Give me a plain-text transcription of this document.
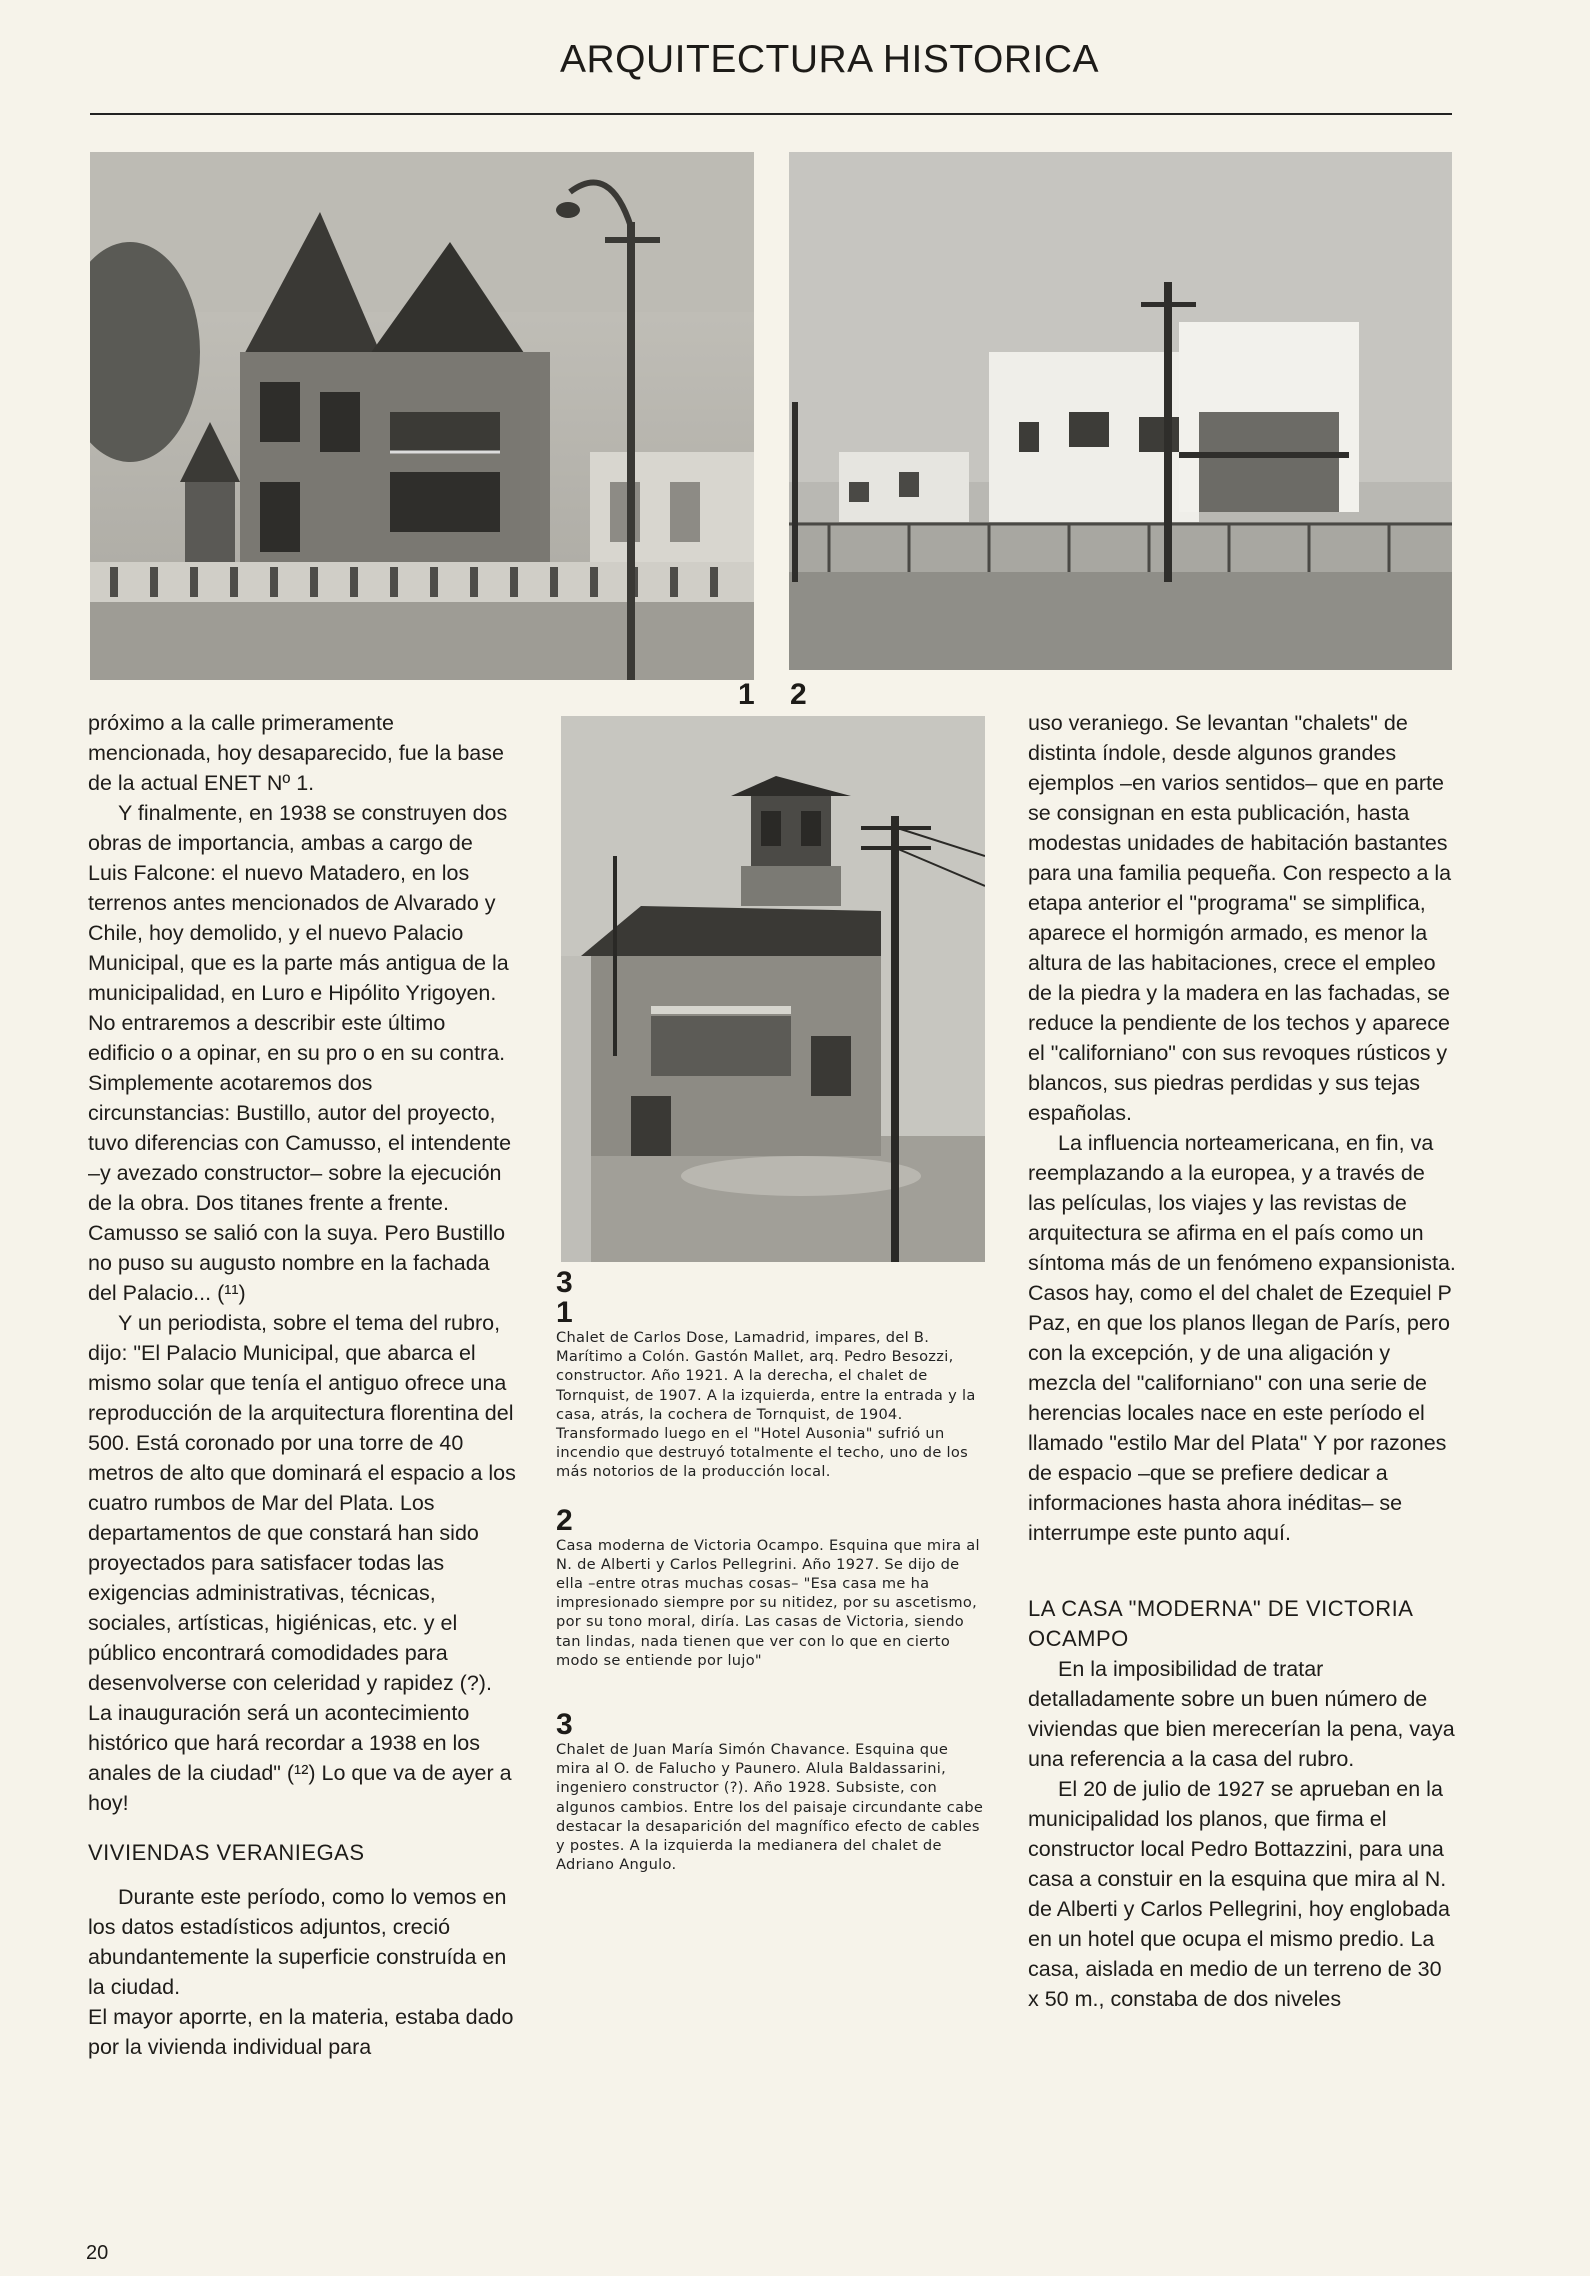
ARQUITECTURA HISTORICA
1 2

próximo a la calle primeramente mencionada, hoy desaparecido, fue la base de la actual ENET Nº 1.

Y finalmente, en 1938 se construyen dos obras de importancia, ambas a cargo de Luis Falcone: el nuevo Matadero, en los terrenos antes mencionados de Alvarado y Chile, hoy demolido, y el nuevo Palacio Municipal, que es la parte más antigua de la municipalidad, en Luro e Hipólito Yrigoyen. No entraremos a describir este último edificio o a opinar, en su pro o en su contra. Simplemente acotaremos dos circunstancias: Bustillo, autor del proyecto, tuvo diferencias con Camusso, el intendente –y avezado constructor– sobre la ejecución de la obra. Dos titanes frente a frente. Camusso se salió con la suya. Pero Bustillo no puso su augusto nombre en la fachada del Palacio... (¹¹)

Y un periodista, sobre el tema del rubro, dijo: "El Palacio Municipal, que abarca el mismo solar que tenía el antiguo ofrece una reproducción de la arquitectura florentina del 500. Está coronado por una torre de 40 metros de alto que dominará el espacio a los cuatro rumbos de Mar del Plata. Los departamentos de que constará han sido proyectados para satisfacer todas las exigencias administrativas, técnicas, sociales, artísticas, higiénicas, etc. y el público encontrará comodidades para desenvolverse con celeridad y rapidez (?). La inauguración será un acontecimiento histórico que hará recordar a 1938 en los anales de la ciudad" (¹²) Lo que va de ayer a hoy!

VIVIENDAS VERANIEGAS

Durante este período, como lo vemos en los datos estadísticos adjuntos, creció abundantemente la superficie construída en la ciudad.

El mayor aporrte, en la materia, estaba dado por la vivienda individual para

3
1
Chalet de Carlos Dose, Lamadrid, impares, del B. Marítimo a Colón. Gastón Mallet, arq. Pedro Besozzi, constructor. Año 1921. A la derecha, el chalet de Tornquist, de 1907. A la izquierda, entre la entrada y la casa, atrás, la cochera de Tornquist, de 1904. Transformado luego en el "Hotel Ausonia" sufrió un incendio que destruyó totalmente el techo, uno de los más notorios de la producción local.
2
Casa moderna de Victoria Ocampo. Esquina que mira al N. de Alberti y Carlos Pellegrini. Año 1927. Se dijo de ella –entre otras muchas cosas– "Esa casa me ha impresionado siempre por su nitidez, por su ascetismo, por su tono moral, diría. Las casas de Victoria, siendo tan lindas, nada tienen que ver con lo que en cierto modo se entiende por lujo"
3
Chalet de Juan María Simón Chavance. Esquina que mira al O. de Falucho y Paunero. Alula Baldassarini, ingeniero constructor (?). Año 1928. Subsiste, con algunos cambios. Entre los del paisaje circundante cabe destacar la desaparición del magnífico efecto de cables y postes. A la izquierda la medianera del chalet de Adriano Angulo.

uso veraniego. Se levantan "chalets" de distinta índole, desde algunos grandes ejemplos –en varios sentidos– que en parte se consignan en esta publicación, hasta modestas unidades de habitación bastantes para una familia pequeña. Con respecto a la etapa anterior el "programa" se simplifica, aparece el hormigón armado, es menor la altura de las habitaciones, crece el empleo de la piedra y la madera en las fachadas, se reduce la pendiente de los techos y aparece el "californiano" con sus revoques rústicos y blancos, sus piedras perdidas y sus tejas españolas.

La influencia norteamericana, en fin, va reemplazando a la europea, y a través de las películas, los viajes y las revistas de arquitectura se afirma en el país como un síntoma más de un fenómeno expansionista. Casos hay, como el del chalet de Ezequiel P Paz, en que los planos llegan de París, pero con la excepción, y de una aligación y mezcla del "californiano" con una serie de herencias locales nace en este período el llamado "estilo Mar del Plata" Y por razones de espacio –que se prefiere dedicar a informaciones hasta ahora inéditas– se interrumpe este punto aquí.

LA CASA "MODERNA" DE VICTORIA OCAMPO

En la imposibilidad de tratar detalladamente sobre un buen número de viviendas que bien merecerían la pena, vaya una referencia a la casa del rubro.

El 20 de julio de 1927 se aprueban en la municipalidad los planos, que firma el constructor local Pedro Bottazzini, para una casa a constuir en la esquina que mira al N. de Alberti y Carlos Pellegrini, hoy englobada en un hotel que ocupa el mismo predio. La casa, aislada en medio de un terreno de 30 x 50 m., constaba de dos niveles

20
